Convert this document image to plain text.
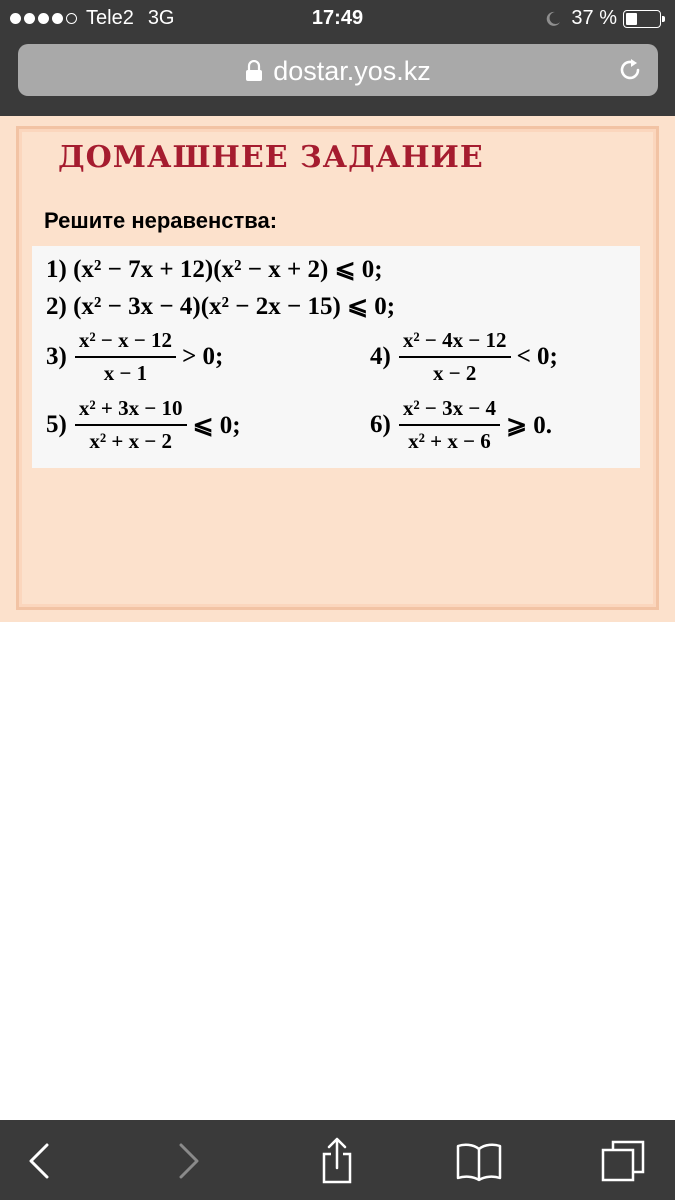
Tele2 3G	17:49	37 %
dostar.yos.kz
ДОМАШНЕЕ ЗАДАНИЕ
Решите неравенства:
1) (x² − 7x + 12)(x² − x + 2) ⩽ 0;
2) (x² − 3x − 4)(x² − 2x − 15) ⩽ 0;
$3) \frac{\text{x² − x − 12}}{x - 1} > 0$;	$4) \frac{\text{x² − 4x − 12}}{x - 2} < 0$;
$5) \frac{\text{x² + 3x − 10}}{\text{x² + x − 2}}$ ⩽ 0;	$6) \frac{\text{x² − 3x − 4}}{\text{x² + x − 6}}$ ⩾ 0.
